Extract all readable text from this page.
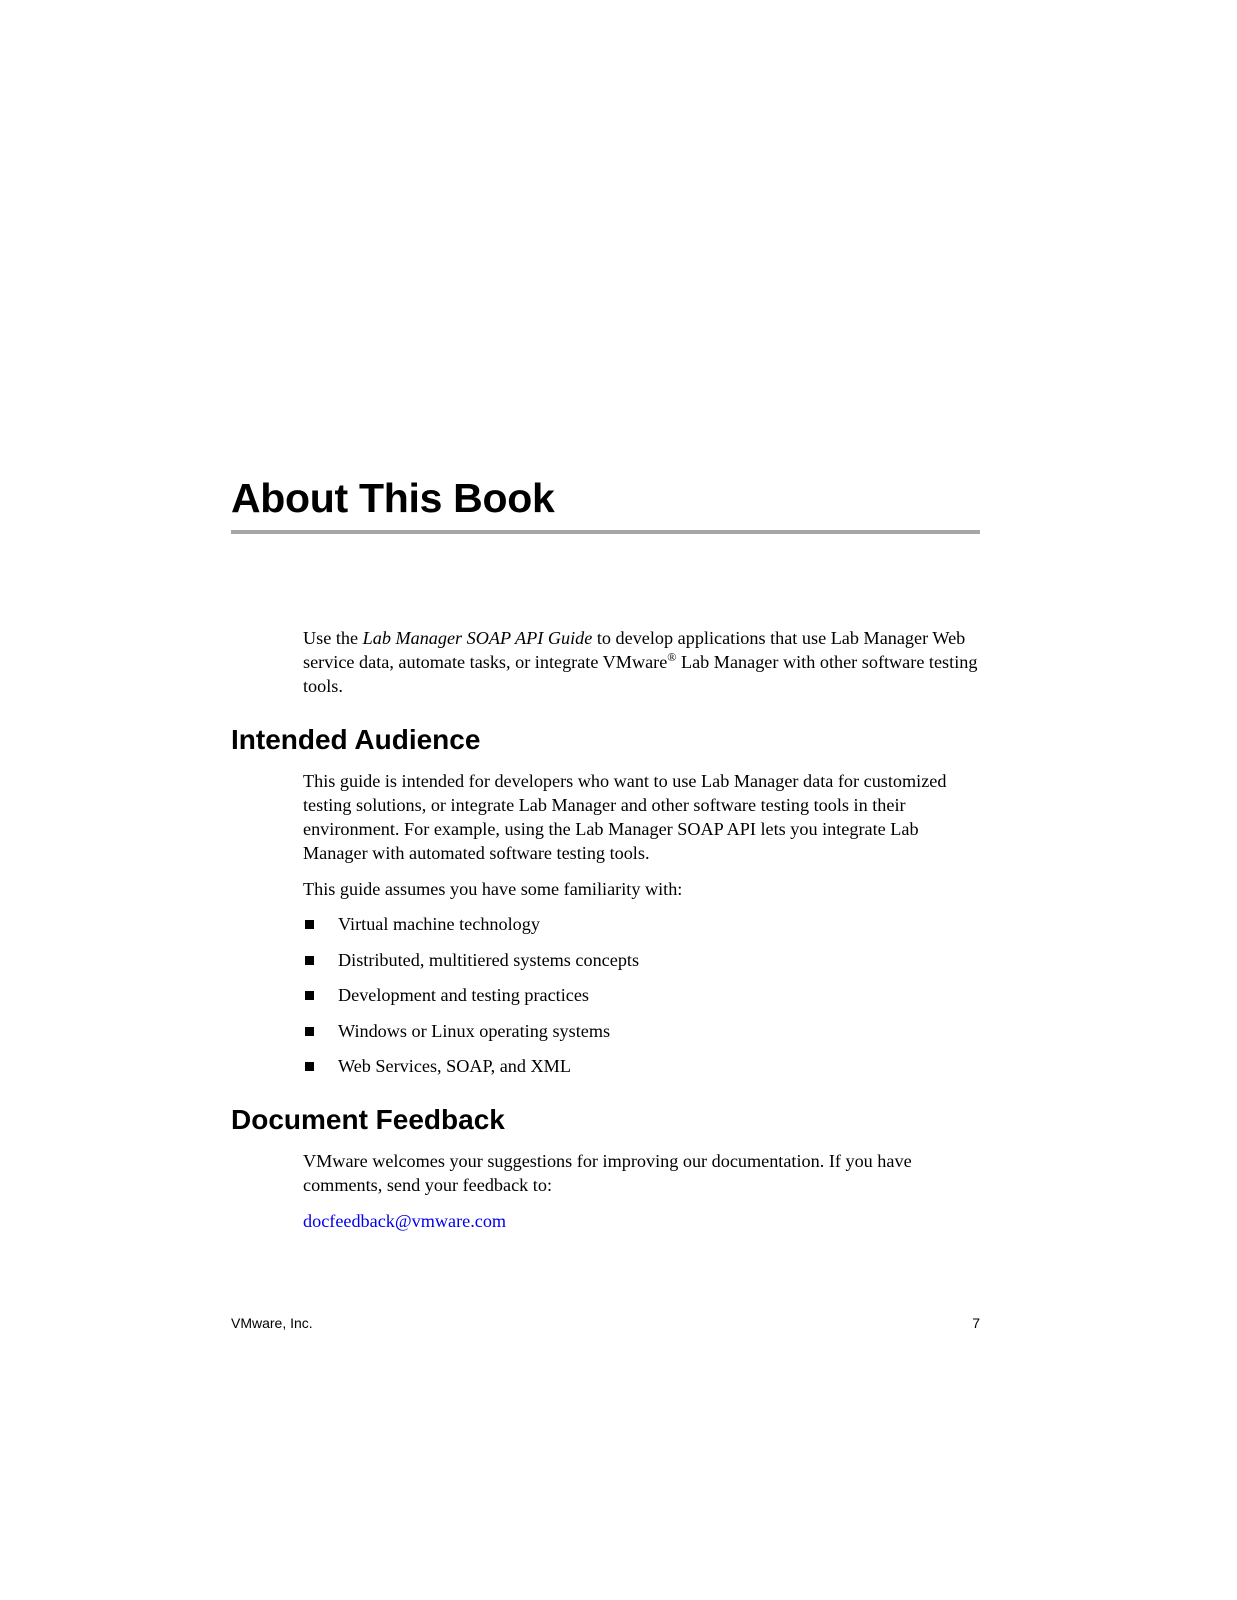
About This Book

Use the Lab Manager SOAP API Guide to develop applications that use Lab Manager Web service data, automate tasks, or integrate VMware® Lab Manager with other software testing tools.

Intended Audience

This guide is intended for developers who want to use Lab Manager data for customized testing solutions, or integrate Lab Manager and other software testing tools in their environment. For example, using the Lab Manager SOAP API lets you integrate Lab Manager with automated software testing tools.

This guide assumes you have some familiarity with:

Virtual machine technology
Distributed, multitiered systems concepts
Development and testing practices
Windows or Linux operating systems
Web Services, SOAP, and XML
Document Feedback

VMware welcomes your suggestions for improving our documentation. If you have comments, send your feedback to:

docfeedback@vmware.com
VMware, Inc.	7
